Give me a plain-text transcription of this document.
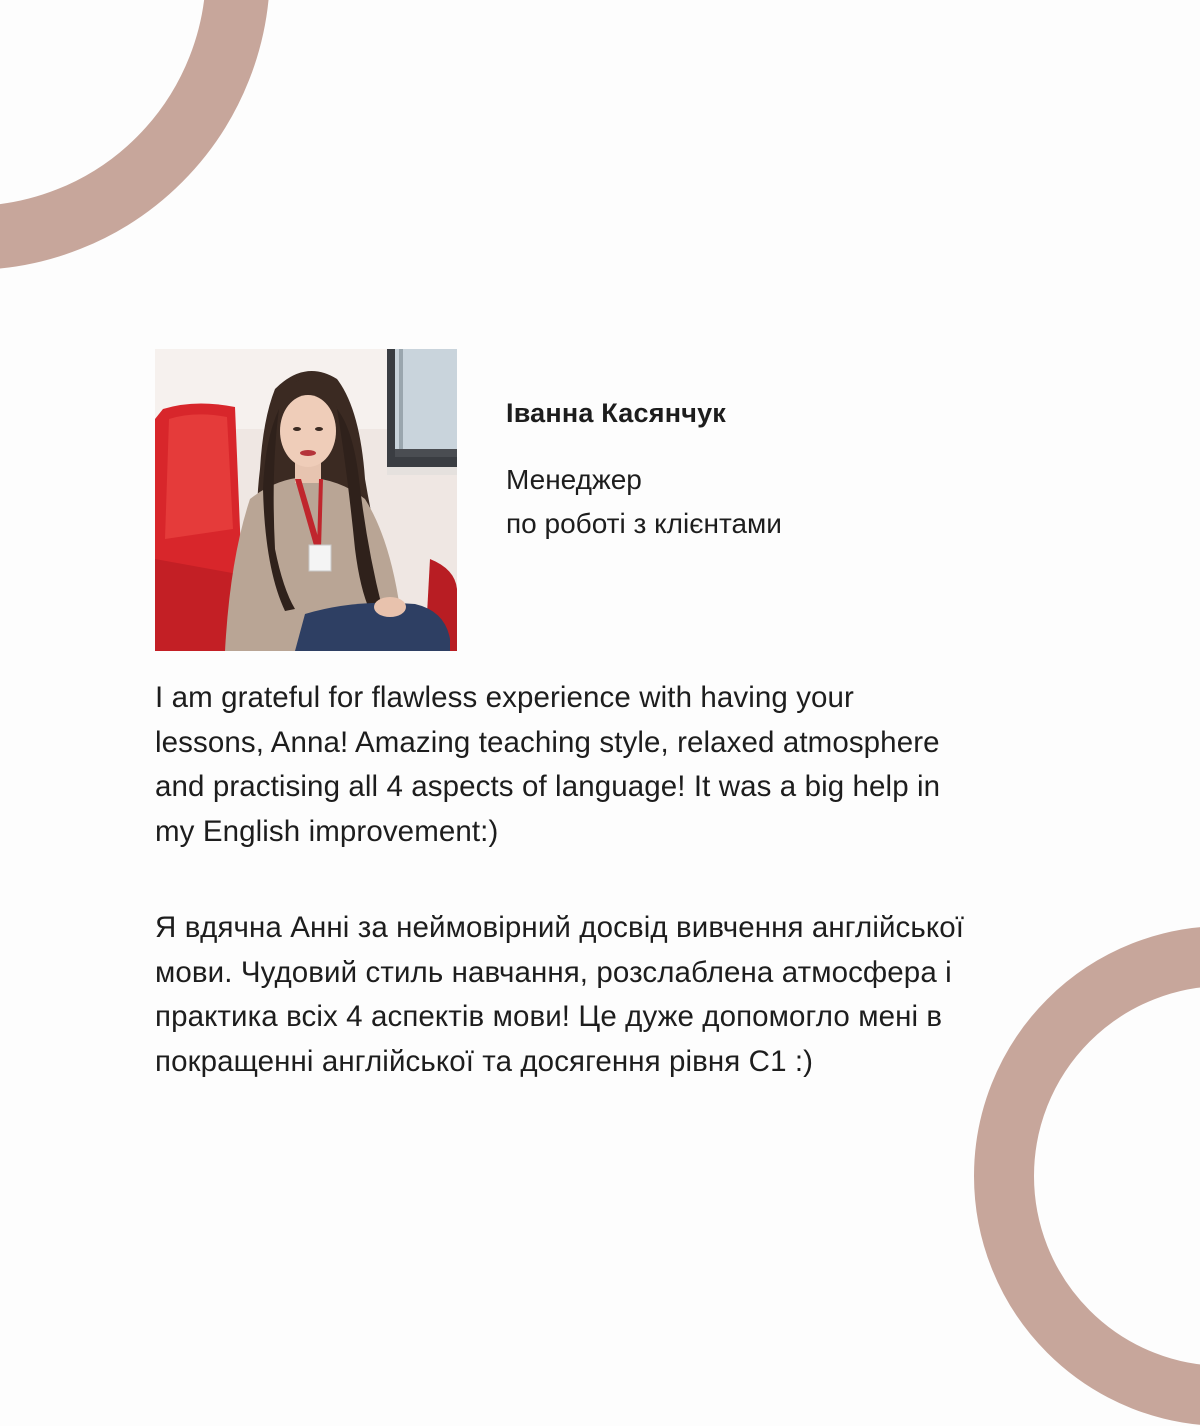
Іванна Касянчук

Менеджер
по роботі з клієнтами

I am grateful for flawless experience with having your
lessons, Anna! Amazing teaching style, relaxed atmosphere
and practising all 4 aspects of language! It was a big help in
my English improvement:)

Я вдячна Анні за неймовірний досвід вивчення англійської
мови. Чудовий стиль навчання, розслаблена атмосфера і
практика всіх 4 аспектів мови! Це дуже допомогло мені в
покращенні англійської та досягення рівня С1 :)
